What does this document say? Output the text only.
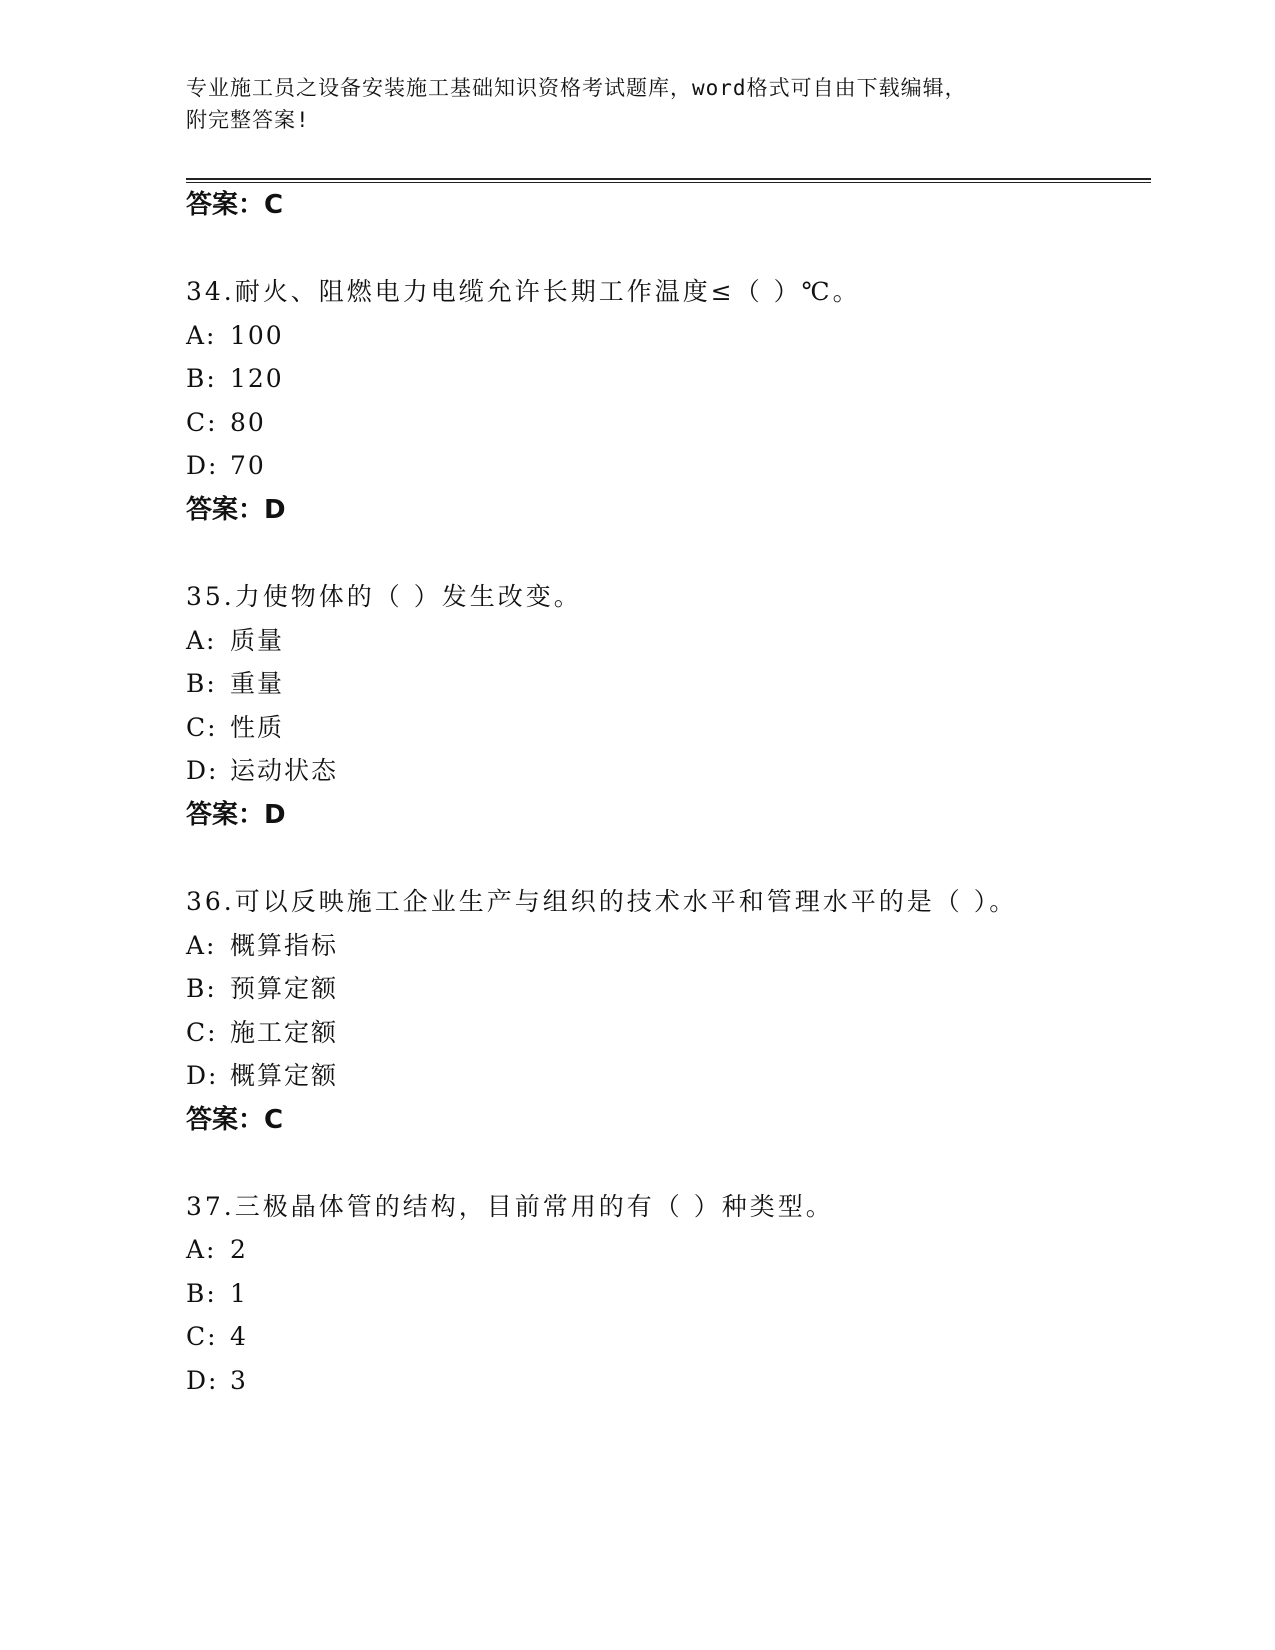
专业施工员之设备安装施工基础知识资格考试题库，word格式可自由下载编辑，
附完整答案!
答案：C
34.耐火、阻燃电力电缆允许长期工作温度≤（ ）℃。
A: 100
B: 120
C: 80
D: 70
答案：D
35.力使物体的（ ）发生改变。
A: 质量
B: 重量
C: 性质
D: 运动状态
答案：D
36.可以反映施工企业生产与组织的技术水平和管理水平的是（ ）。
A: 概算指标
B: 预算定额
C: 施工定额
D: 概算定额
答案：C
37.三极晶体管的结构，目前常用的有（ ）种类型。
A: 2
B: 1
C: 4
D: 3
